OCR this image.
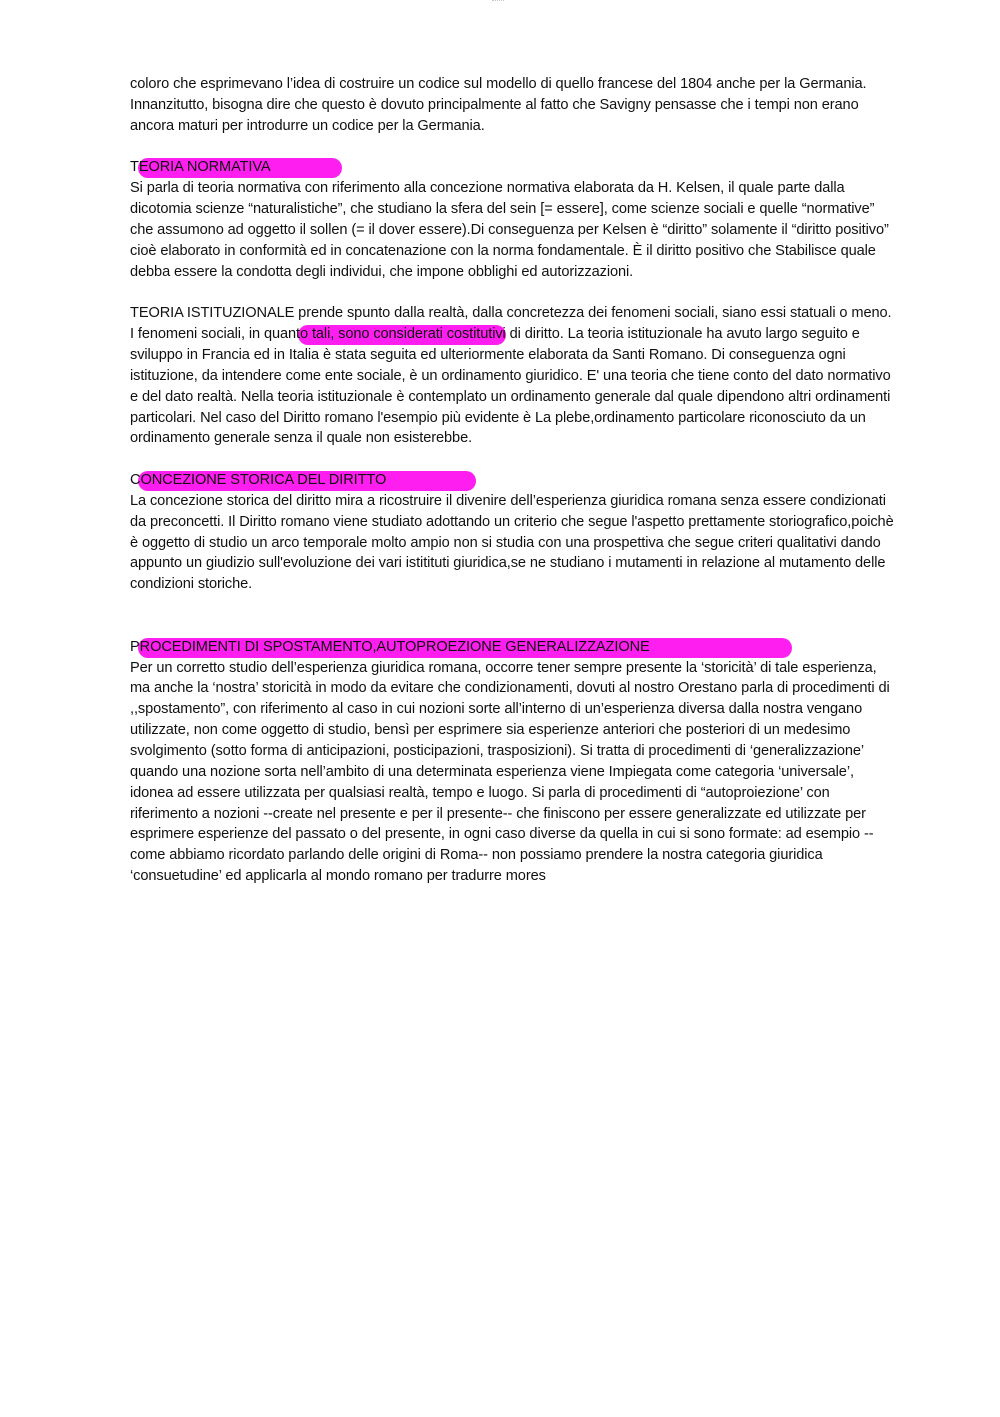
coloro che esprimevano l’idea di costruire un codice sul modello di quello francese del 1804 anche per la Germania. Innanzitutto, bisogna dire che questo è dovuto principalmente al fatto che Savigny pensasse che i tempi non erano ancora maturi per introdurre un codice per la Germania.

TEORIA NORMATIVA

Si parla di teoria normativa con riferimento alla concezione normativa elaborata da H. Kelsen, il quale parte dalla dicotomia scienze “naturalistiche”, che studiano la sfera del sein [= essere], come scienze sociali e quelle “normative” che assumono ad oggetto il sollen (= il dover essere).Di conseguenza per Kelsen è “diritto” solamente il “diritto positivo” cioè elaborato in conformità ed in concatenazione con la norma fondamentale. È il diritto positivo che Stabilisce quale debba essere la condotta degli individui, che impone obblighi ed autorizzazioni.

TEORIA ISTITUZIONALE prende spunto dalla realtà, dalla concretezza dei fenomeni sociali, siano essi statuali o meno. I fenomeni sociali, in quanto tali, sono considerati costitutivi di diritto. La teoria istituzionale ha avuto largo seguito e sviluppo in Francia ed in Italia è stata seguita ed ulteriormente elaborata da Santi Romano. Di conseguenza ogni istituzione, da intendere come ente sociale, è un ordinamento giuridico. E' una teoria che tiene conto del dato normativo e del dato realtà. Nella teoria istituzionale è contemplato un ordinamento generale dal quale dipendono altri ordinamenti particolari. Nel caso del Diritto romano l'esempio più evidente è La plebe,ordinamento particolare riconosciuto da un ordinamento generale senza il quale non esisterebbe.

CONCEZIONE STORICA DEL DIRITTO

La concezione storica del diritto mira a ricostruire il divenire dell’esperienza giuridica romana senza essere condizionati da preconcetti. Il Diritto romano viene studiato adottando un criterio che segue l'aspetto prettamente storiografico,poichè è oggetto di studio un arco temporale molto ampio non si studia con una prospettiva che segue criteri qualitativi dando appunto un giudizio sull'evoluzione dei vari istitituti giuridica,se ne studiano i mutamenti in relazione al mutamento delle condizioni storiche.

PROCEDIMENTI DI SPOSTAMENTO,AUTOPROEZIONE GENERALIZZAZIONE

Per un corretto studio dell’esperienza giuridica romana, occorre tener sempre presente la ‘storicità’ di tale esperienza, ma anche la ‘nostra’ storicità in modo da evitare che condizionamenti, dovuti al nostro Orestano parla di procedimenti di ,,spostamento”, con riferimento al caso in cui nozioni sorte all’interno di un’esperienza diversa dalla nostra vengano utilizzate, non come oggetto di studio, bensì per esprimere sia esperienze anteriori che posteriori di un medesimo svolgimento (sotto forma di anticipazioni, posticipazioni, trasposizioni). Si tratta di procedimenti di ‘generalizzazione’ quando una nozione sorta nell’ambito di una determinata esperienza viene Impiegata come categoria ‘universale’, idonea ad essere utilizzata per qualsiasi realtà, tempo e luogo. Si parla di procedimenti di “autoproiezione’ con riferimento a nozioni --create nel presente e per il presente-- che finiscono per essere generalizzate ed utilizzate per esprimere esperienze del passato o del presente, in ogni caso diverse da quella in cui si sono formate: ad esempio --come abbiamo ricordato parlando delle origini di Roma-- non possiamo prendere la nostra categoria giuridica ‘consuetudine’ ed applicarla al mondo romano per tradurre mores
